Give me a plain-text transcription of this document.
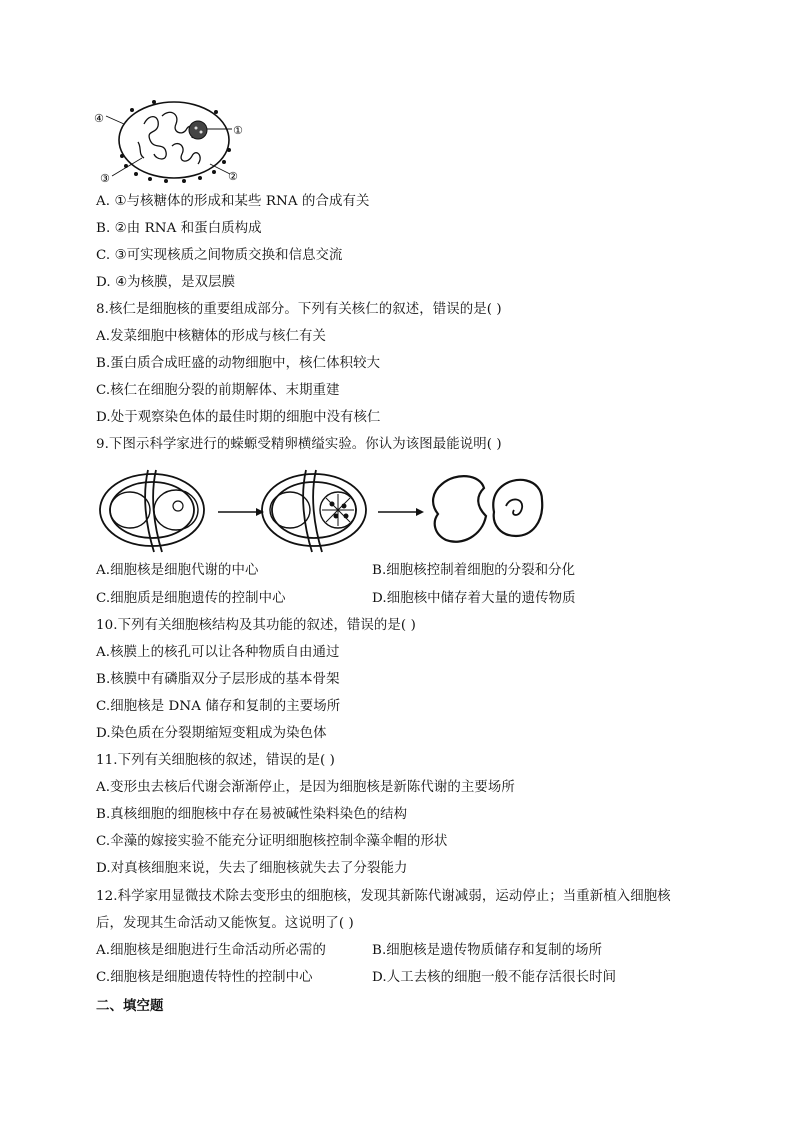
④
①
③	②
A. ①与核糖体的形成和某些 RNA 的合成有关
B. ②由 RNA 和蛋白质构成
C. ③可实现核质之间物质交换和信息交流
D. ④为核膜，是双层膜
8.核仁是细胞核的重要组成部分。下列有关核仁的叙述，错误的是( )
A.发菜细胞中核糖体的形成与核仁有关
B.蛋白质合成旺盛的动物细胞中，核仁体积较大
C.核仁在细胞分裂的前期解体、末期重建
D.处于观察染色体的最佳时期的细胞中没有核仁
9.下图示科学家进行的蝾螈受精卵横缢实验。你认为该图最能说明( )
A.细胞核是细胞代谢的中心	B.细胞核控制着细胞的分裂和分化
C.细胞质是细胞遗传的控制中心	D.细胞核中储存着大量的遗传物质
10.下列有关细胞核结构及其功能的叙述，错误的是( )
A.核膜上的核孔可以让各种物质自由通过
B.核膜中有磷脂双分子层形成的基本骨架
C.细胞核是 DNA 储存和复制的主要场所
D.染色质在分裂期缩短变粗成为染色体
11.下列有关细胞核的叙述，错误的是( )
A.变形虫去核后代谢会渐渐停止，是因为细胞核是新陈代谢的主要场所
B.真核细胞的细胞核中存在易被碱性染料染色的结构
C.伞藻的嫁接实验不能充分证明细胞核控制伞藻伞帽的形状
D.对真核细胞来说，失去了细胞核就失去了分裂能力
12.科学家用显微技术除去变形虫的细胞核，发现其新陈代谢减弱，运动停止；当重新植入细胞核
后，发现其生命活动又能恢复。这说明了( )
A.细胞核是细胞进行生命活动所必需的	B.细胞核是遗传物质储存和复制的场所
C.细胞核是细胞遗传特性的控制中心	D.人工去核的细胞一般不能存活很长时间
二、填空题
